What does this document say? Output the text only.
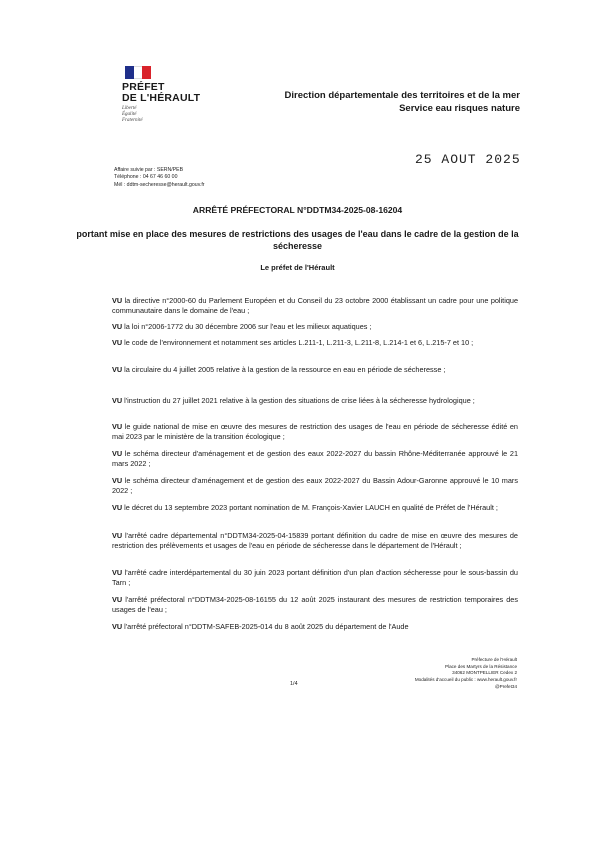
PRÉFET
DE L'HÉRAULT
Liberté
Égalité
Fraternité
Direction départementale des territoires et de la mer
Service eau risques nature
25 AOUT 2025
Affaire suivie par : SERN/PEB
Téléphone : 04 67 46 60 00
Mél : ddtm-secheresse@herault.gouv.fr
ARRÊTÉ PRÉFECTORAL N°DDTM34-2025-08-16204
portant mise en place des mesures de restrictions des usages de l'eau dans le cadre de la gestion de la sécheresse
Le préfet de l'Hérault
VU la directive n°2000-60 du Parlement Européen et du Conseil du 23 octobre 2000 établissant un cadre pour une politique communautaire dans le domaine de l'eau ;
VU la loi n°2006-1772 du 30 décembre 2006 sur l'eau et les milieux aquatiques ;
VU le code de l'environnement et notamment ses articles L.211-1, L.211-3, L.211-8, L.214-1 et 6, L.215-7 et 10 ;
VU la circulaire du 4 juillet 2005 relative à la gestion de la ressource en eau en période de sécheresse ;
VU l'instruction du 27 juillet 2021 relative à la gestion des situations de crise liées à la sécheresse hydrologique ;
VU le guide national de mise en œuvre des mesures de restriction des usages de l'eau en période de sécheresse édité en mai 2023 par le ministère de la transition écologique ;
VU le schéma directeur d'aménagement et de gestion des eaux 2022-2027 du bassin Rhône-Méditerranée approuvé le 21 mars 2022 ;
VU le schéma directeur d'aménagement et de gestion des eaux 2022-2027 du Bassin Adour-Garonne approuvé le 10 mars 2022 ;
VU le décret du 13 septembre 2023 portant nomination de M. François-Xavier LAUCH en qualité de Préfet de l'Hérault ;
VU l'arrêté cadre départemental n°DDTM34-2025-04-15839 portant définition du cadre de mise en œuvre des mesures de restriction des prélèvements et usages de l'eau en période de sécheresse dans le département de l'Hérault ;
VU l'arrêté cadre interdépartemental du 30 juin 2023 portant définition d'un plan d'action sécheresse pour le sous-bassin du Tarn ;
VU l'arrêté préfectoral n°DDTM34-2025-08-16155 du 12 août 2025 instaurant des mesures de restriction temporaires des usages de l'eau ;
VU l'arrêté préfectoral n°DDTM-SAFEB-2025-014 du 8 août 2025 du département de l'Aude
Préfecture de l'Hérault
Place des Martyrs de la Résistance
34062 MONTPELLIER Cedex 2
Modalités d'accueil du public : www.herault.gouv.fr
@Prefet34
1/4
